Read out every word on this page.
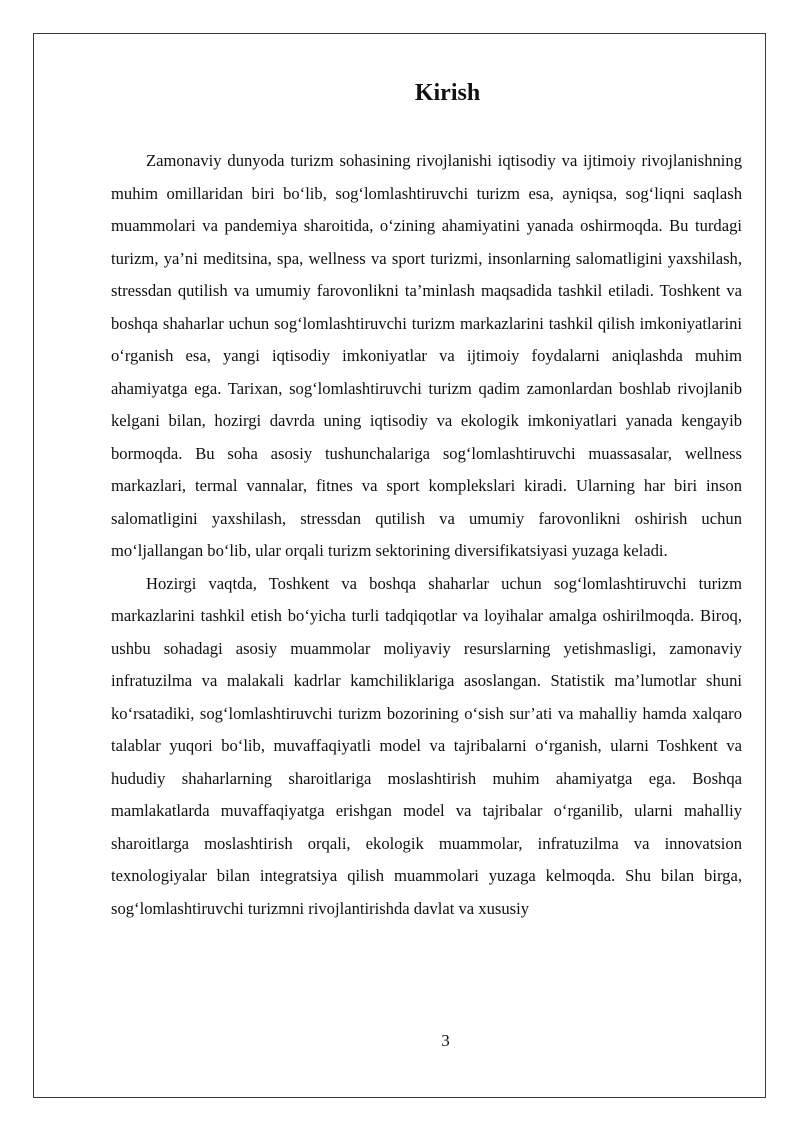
Kirish

Zamonaviy dunyoda turizm sohasining rivojlanishi iqtisodiy va ijtimoiy rivojlanishning muhim omillaridan biri bo‘lib, sog‘lomlashtiruvchi turizm esa, ayniqsa, sog‘liqni saqlash muammolari va pandemiya sharoitida, o‘zining ahamiyatini yanada oshirmoqda. Bu turdagi turizm, ya’ni meditsina, spa, wellness va sport turizmi, insonlarning salomatligini yaxshilash, stressdan qutilish va umumiy farovonlikni ta’minlash maqsadida tashkil etiladi. Toshkent va boshqa shaharlar uchun sog‘lomlashtiruvchi turizm markazlarini tashkil qilish imkoniyatlarini o‘rganish esa, yangi iqtisodiy imkoniyatlar va ijtimoiy foydalarni aniqlashda muhim ahamiyatga ega. Tarixan, sog‘lomlashtiruvchi turizm qadim zamonlardan boshlab rivojlanib kelgani bilan, hozirgi davrda uning iqtisodiy va ekologik imkoniyatlari yanada kengayib bormoqda. Bu soha asosiy tushunchalariga sog‘lomlashtiruvchi muassasalar, wellness markazlari, termal vannalar, fitnes va sport komplekslari kiradi. Ularning har biri inson salomatligini yaxshilash, stressdan qutilish va umumiy farovonlikni oshirish uchun mo‘ljallangan bo‘lib, ular orqali turizm sektorining diversifikatsiyasi yuzaga keladi.

Hozirgi vaqtda, Toshkent va boshqa shaharlar uchun sog‘lomlashtiruvchi turizm markazlarini tashkil etish bo‘yicha turli tadqiqotlar va loyihalar amalga oshirilmoqda. Biroq, ushbu sohadagi asosiy muammolar moliyaviy resurslarning yetishmasligi, zamonaviy infratuzilma va malakali kadrlar kamchiliklariga asoslangan. Statistik ma’lumotlar shuni ko‘rsatadiki, sog‘lomlashtiruvchi turizm bozorining o‘sish sur’ati va mahalliy hamda xalqaro talablar yuqori bo‘lib, muvaffaqiyatli model va tajribalarni o‘rganish, ularni Toshkent va hududiy shaharlarning sharoitlariga moslashtirish muhim ahamiyatga ega. Boshqa mamlakatlarda muvaffaqiyatga erishgan model va tajribalar o‘rganilib, ularni mahalliy sharoitlarga moslashtirish orqali, ekologik muammolar, infratuzilma va innovatsion texnologiyalar bilan integratsiya qilish muammolari yuzaga kelmoqda. Shu bilan birga, sog‘lomlashtiruvchi turizmni rivojlantirishda davlat va xususiy

3
